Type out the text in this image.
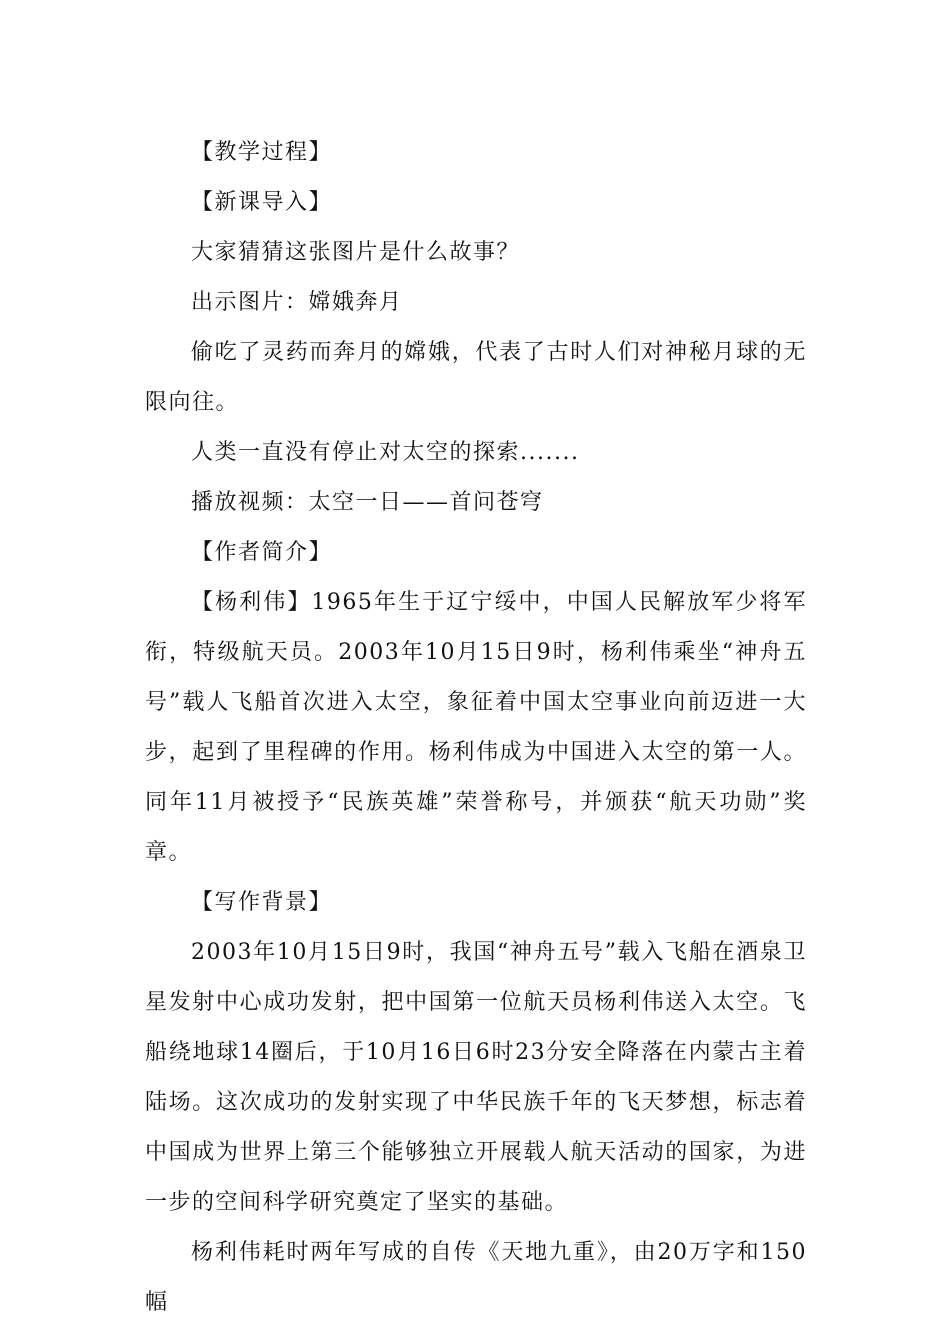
【教学过程】

【新课导入】

大家猜猜这张图片是什么故事？

出示图片：嫦娥奔月

偷吃了灵药而奔月的嫦娥，代表了古时人们对神秘月球的无限向往。

人类一直没有停止对太空的探索.......

播放视频：太空一日——首问苍穹

【作者简介】

【杨利伟】1965年生于辽宁绥中，中国人民解放军少将军衔，特级航天员。2003年10月15日9时，杨利伟乘坐“神舟五号”载人飞船首次进入太空，象征着中国太空事业向前迈进一大步，起到了里程碑的作用。杨利伟成为中国进入太空的第一人。同年11月被授予“民族英雄”荣誉称号，并颁获“航天功勋”奖章。

【写作背景】

2003年10月15日9时，我国“神舟五号”载入飞船在酒泉卫星发射中心成功发射，把中国第一位航天员杨利伟送入太空。飞船绕地球14圈后，于10月16日6时23分安全降落在内蒙古主着陆场。这次成功的发射实现了中华民族千年的飞天梦想，标志着中国成为世界上第三个能够独立开展载人航天活动的国家，为进一步的空间科学研究奠定了坚实的基础。

杨利伟耗时两年写成的自传《天地九重》，由20万字和150幅
